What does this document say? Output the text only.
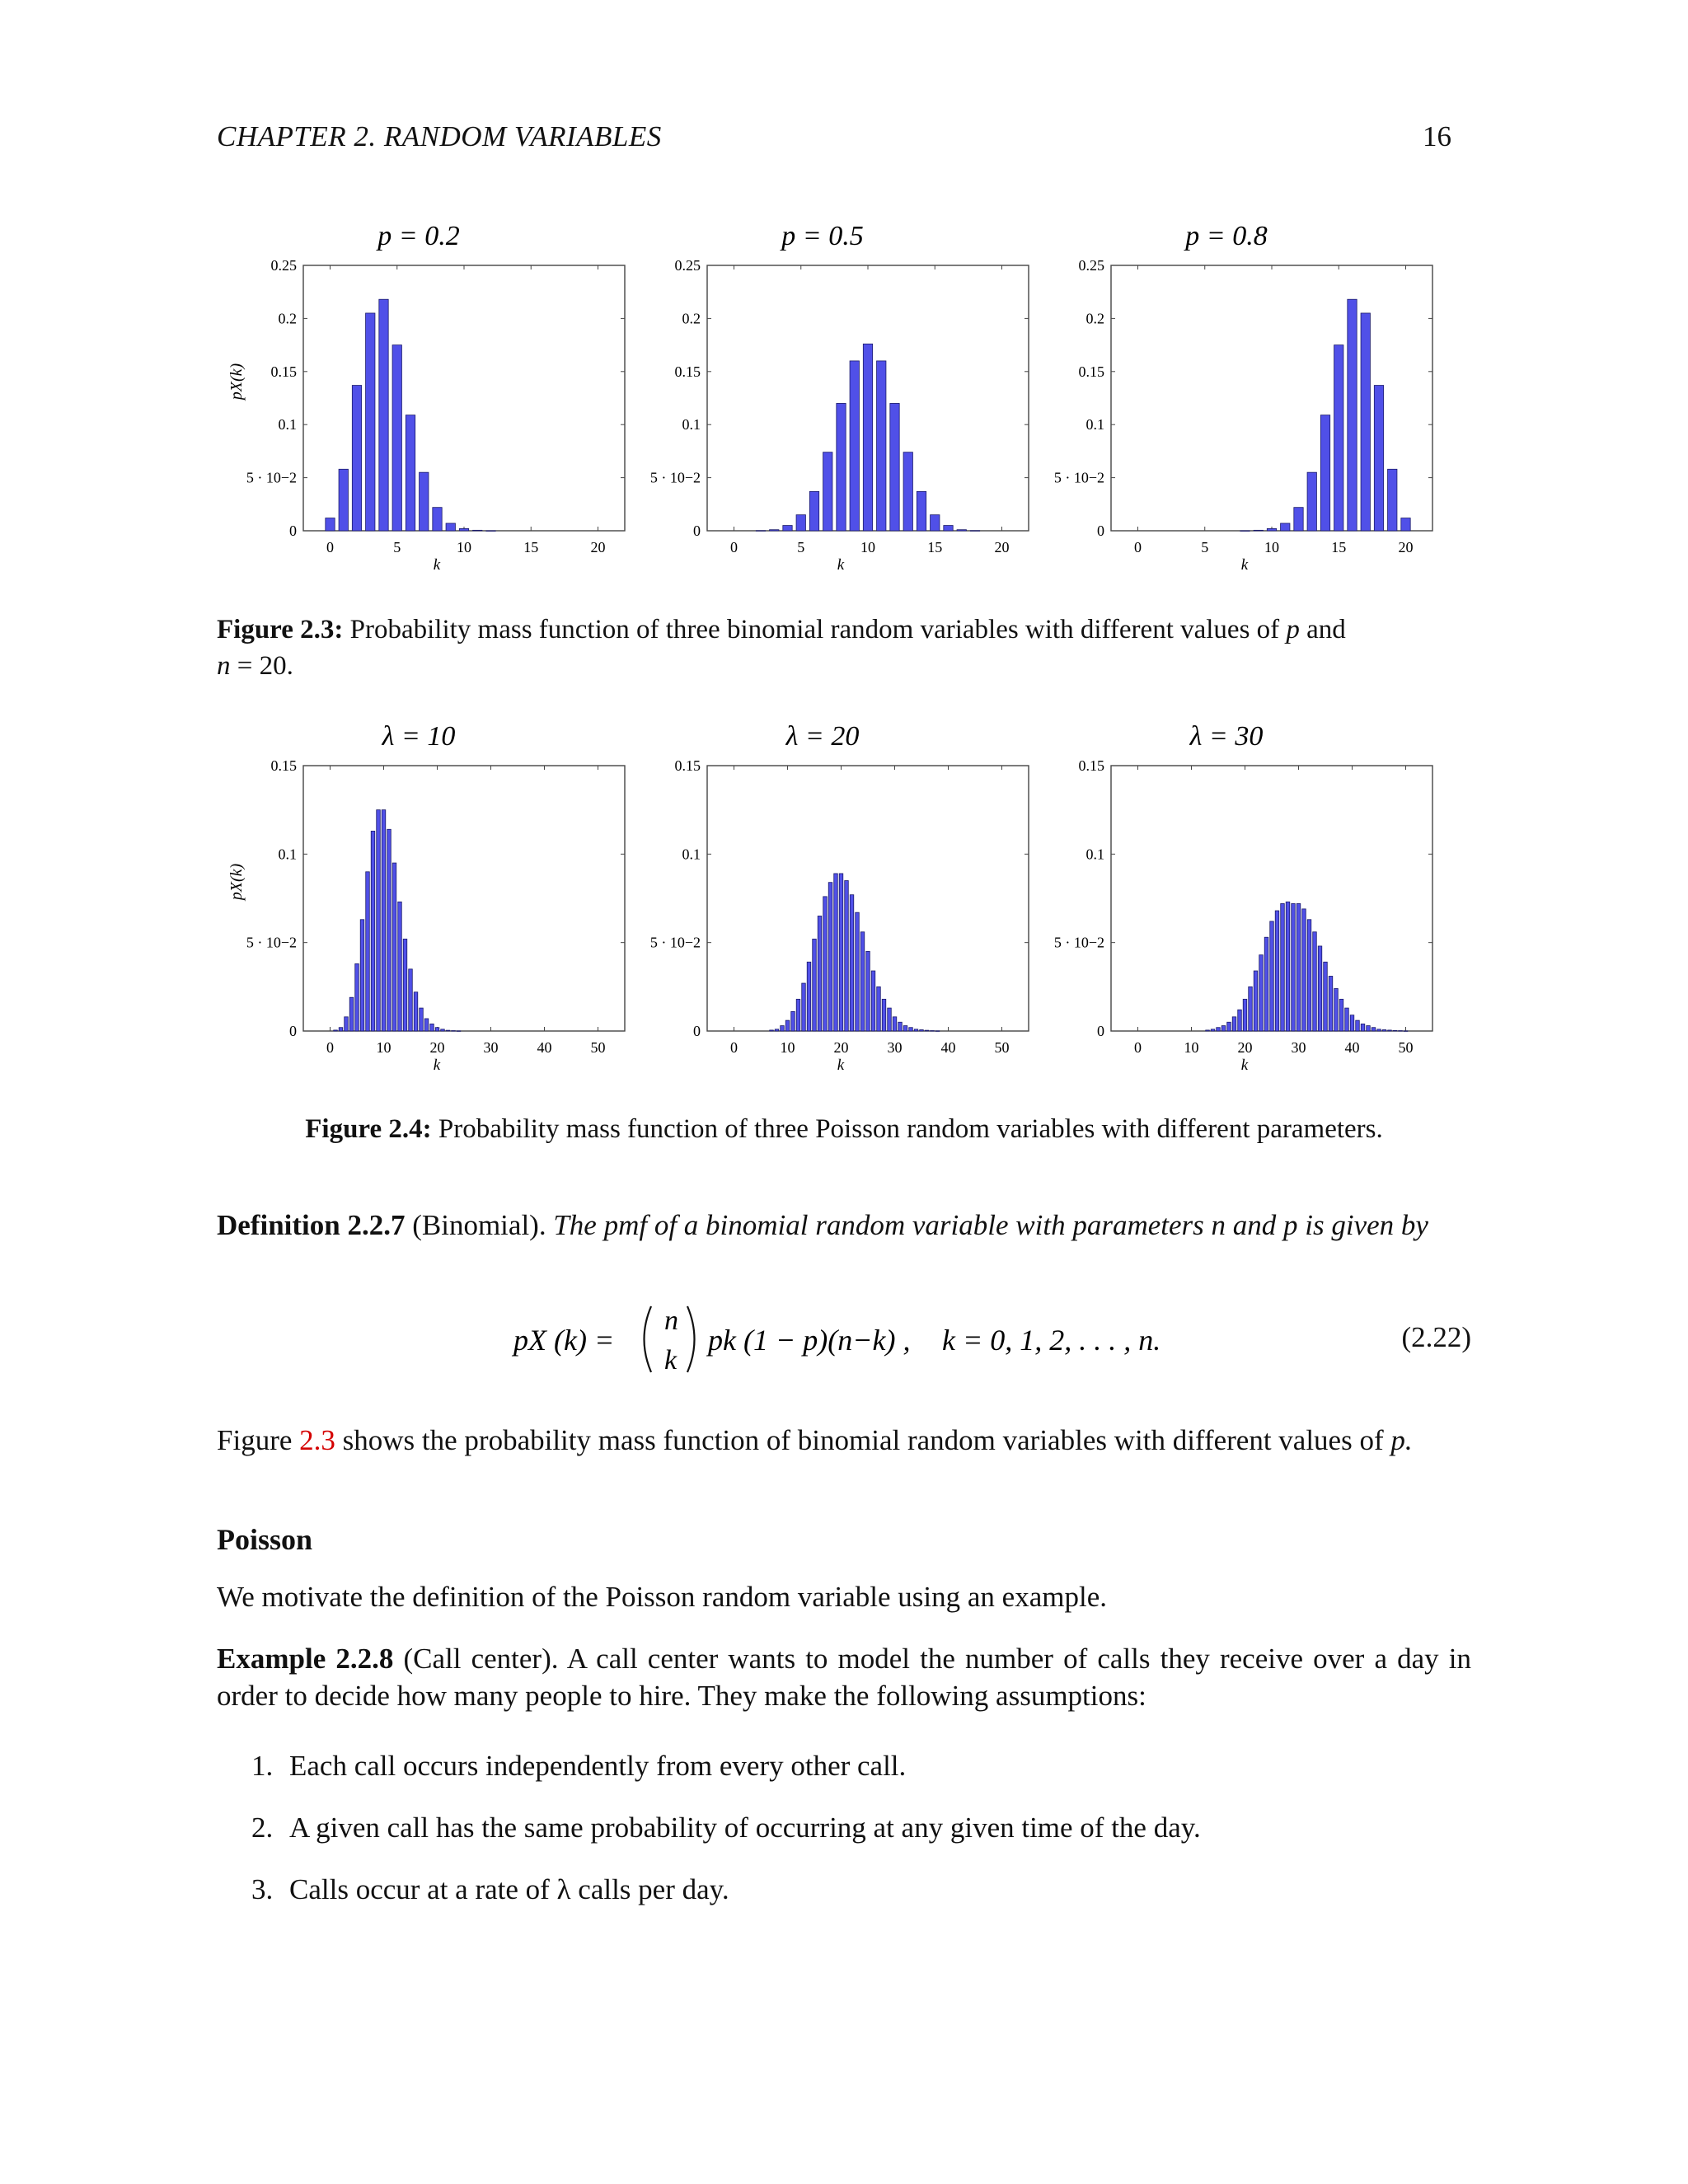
CHAPTER 2. RANDOM VARIABLES	16
p = 0.2
0
5 · 10−2
0.1
0.15
0.2
0.25
0	5	10	15	20
k
pX(k)
p = 0.5
0
5 · 10−2
0.1
0.15
0.2
0.25
0	5	10	15	20
k
p = 0.8
0
5 · 10−2
0.1
0.15
0.2
0.25
0	5	10	15	20
k
Figure 2.3: Probability mass function of three binomial random variables with different values of p and
n = 20.
λ = 10
0
5 · 10−2
0.1
0.15
0	10	20	30	40	50
k
pX(k)
λ = 20
0
5 · 10−2
0.1
0.15
0	10	20	30	40	50
k
λ = 30
0
5 · 10−2
0.1
0.15
0	10	20	30	40	50
k
Figure 2.4: Probability mass function of three Poisson random variables with different parameters.
Definition 2.2.7 (Binomial). The pmf of a binomial random variable with parameters n and p is given by
pX (k) =
n
k
pk (1 − p)(n−k) , k = 0, 1, 2, . . . , n.	(2.22)
Figure 2.3 shows the probability mass function of binomial random variables with different values of p.
Poisson
We motivate the definition of the Poisson random variable using an example.
Example 2.2.8 (Call center). A call center wants to model the number of calls they receive over a day in order to decide how many people to hire. They make the following assumptions:
1. Each call occurs independently from every other call.
2. A given call has the same probability of occurring at any given time of the day.
3. Calls occur at a rate of λ calls per day.
